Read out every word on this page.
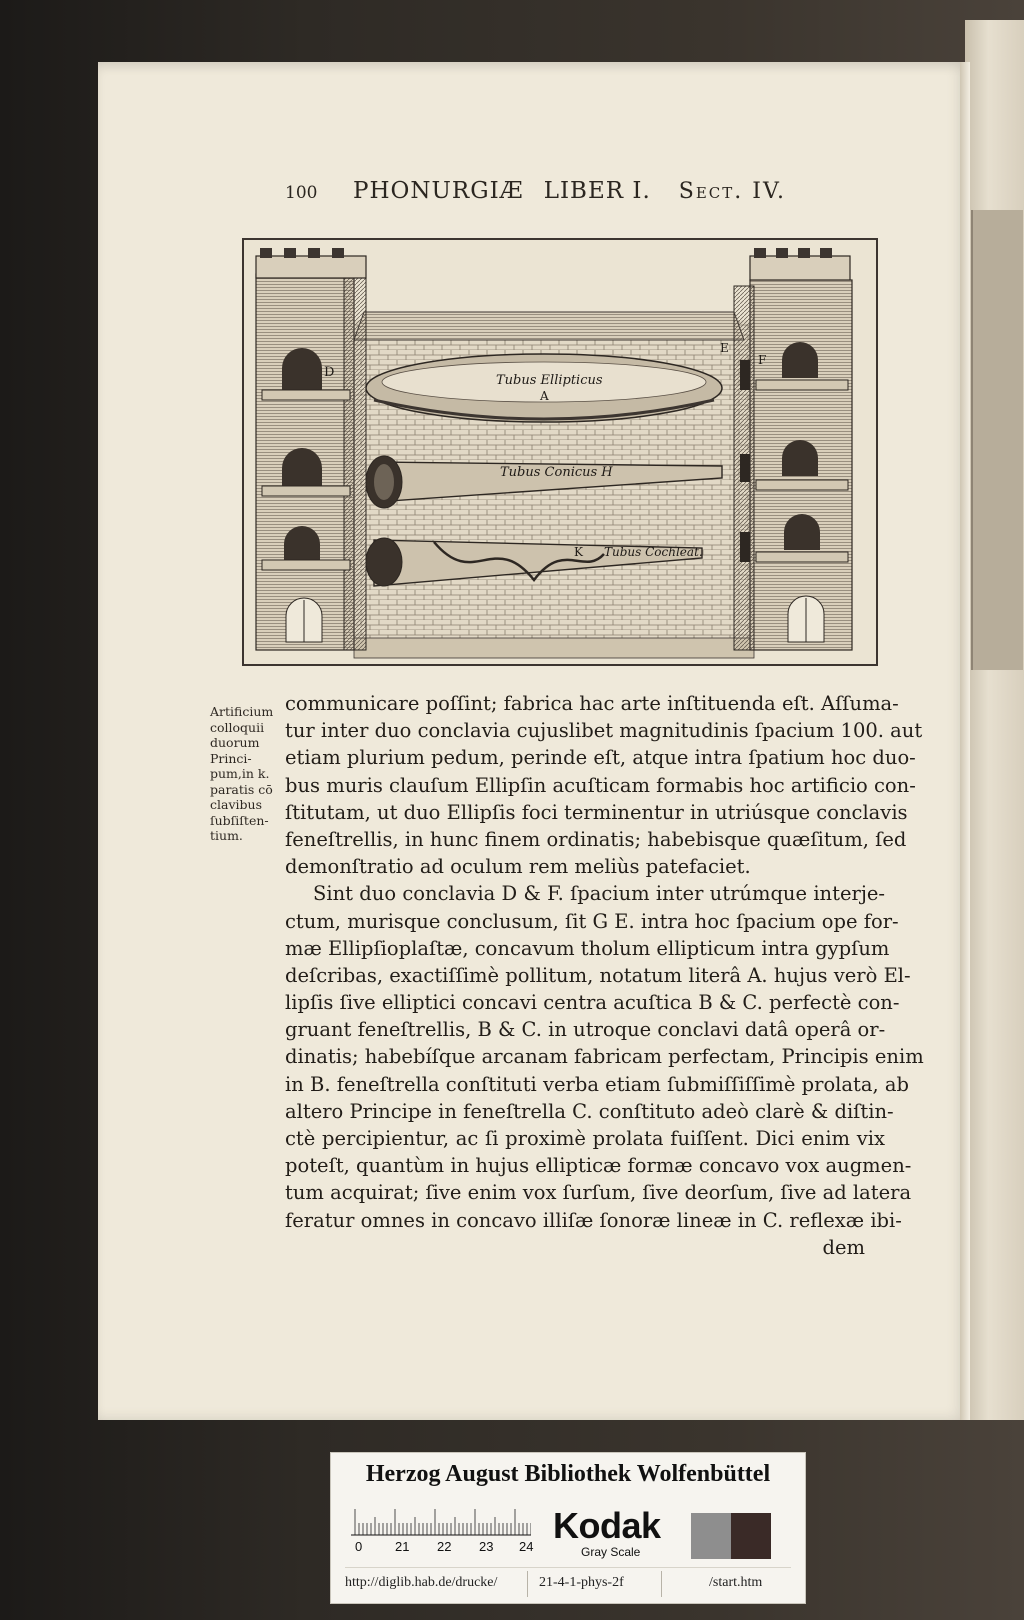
100	PHONURGIÆ LIBER I. Sect. IV.
Tubus Ellipticus
A
Tubus Conicus H
K Tubus Cochleat.
D
E
F
Artificium
colloquii
duorum
Princi-
pum,in k.
paratis cō
clavibus
ſubſiſten-
tium.
communicare poſſint; fabrica hac arte inſtituenda eſt. Aſſuma-
tur inter duo conclavia cujuslibet magnitudinis ſpacium 100. aut
etiam plurium pedum, perinde eſt, atque intra ſpatium hoc duo-
bus muris clauſum Ellipſin acuſticam formabis hoc artificio con-
ſtitutam, ut duo Ellipſis foci terminentur in utriúsque conclavis
feneſtrellis, in hunc finem ordinatis; habebisque quæſitum, ſed
demonſtratio ad oculum rem meliùs patefaciet.
Sint duo conclavia D & F. ſpacium inter utrúmque interje-
ctum, murisque conclusum, ſit G E. intra hoc ſpacium ope for-
mæ Ellipſioplaſtæ, concavum tholum ellipticum intra gypſum
deſcribas, exactiſſimè pollitum, notatum literâ A. hujus verò El-
lipſis ſive elliptici concavi centra acuſtica B & C. perfectè con-
gruant feneſtrellis, B & C. in utroque conclavi datâ operâ or-
dinatis; habebíſque arcanam fabricam perfectam, Principis enim
in B. feneſtrella conſtituti verba etiam ſubmiſſiſſimè prolata, ab
altero Principe in feneſtrella C. conſtituto adeò clarè & diſtin-
ctè percipientur, ac ſi proximè prolata fuiſſent. Dici enim vix
poteſt, quantùm in hujus ellipticæ formæ concavo vox augmen-
tum acquirat; ſive enim vox ſurſum, ſive deorſum, ſive ad latera
feratur omnes in concavo illiſæ ſonoræ lineæ in C. reflexæ ibi-
dem
Herzog August Bibliothek Wolfenbüttel
0	21 22 23 24
Kodak
Gray Scale
http://diglib.hab.de/drucke/	21-4-1-phys-2f	/start.htm
